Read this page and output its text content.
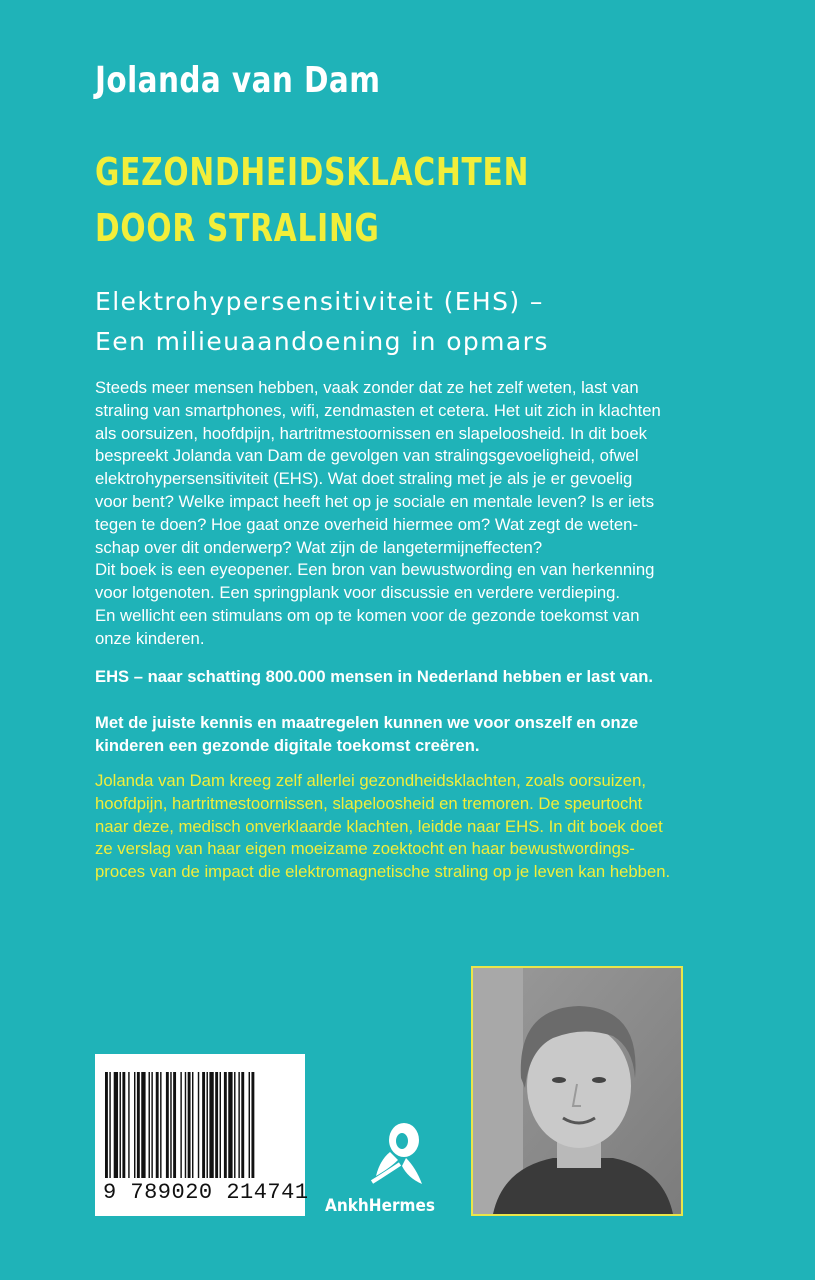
Jolanda van Dam
GEZONDHEIDSKLACHTEN
DOOR STRALING
Elektrohypersensitiviteit (EHS) –
Een milieuaandoening in opmars

Steeds meer mensen hebben, vaak zonder dat ze het zelf weten, last van

straling van smartphones, wifi, zendmasten et cetera. Het uit zich in klachten

als oorsuizen, hoofdpijn, hartritmestoornissen en slapeloosheid. In dit boek

bespreekt Jolanda van Dam de gevolgen van stralingsgevoeligheid, ofwel

elektrohypersensitiviteit (EHS). Wat doet straling met je als je er gevoelig

voor bent? Welke impact heeft het op je sociale en mentale leven? Is er iets

tegen te doen? Hoe gaat onze overheid hiermee om? Wat zegt de weten-

schap over dit onderwerp? Wat zijn de langetermijneffecten?

Dit boek is een eyeopener. Een bron van bewustwording en van herkenning

voor lotgenoten. Een springplank voor discussie en verdere verdieping.

En wellicht een stimulans om op te komen voor de gezonde toekomst van

onze kinderen.

EHS – naar schatting 800.000 mensen in Nederland hebben er last van.
Met de juiste kennis en maatregelen kunnen we voor onszelf en onze
kinderen een gezonde digitale toekomst creëren.

Jolanda van Dam kreeg zelf allerlei gezondheidsklachten, zoals oorsuizen,

hoofdpijn, hartritmestoornissen, slapeloosheid en tremoren. De speurtocht

naar deze, medisch onverklaarde klachten, leidde naar EHS. In dit boek doet

ze verslag van haar eigen moeizame zoektocht en haar bewustwordings-

proces van de impact die elektromagnetische straling op je leven kan hebben.

9 789020 214741
AnkhHermes
